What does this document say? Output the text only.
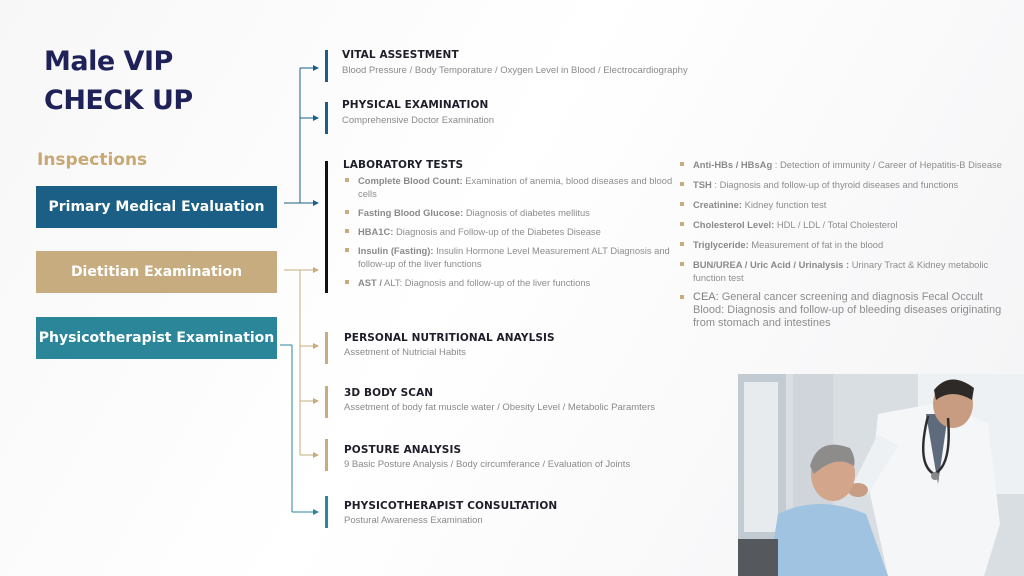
Male VIP
CHECK UP
Inspections
Primary Medical Evaluation
Dietitian Examination
Physicotherapist Examination
VITAL ASSESTMENT
Blood Pressure / Body Temporature / Oxygen Level in Blood / Electrocardiography
PHYSICAL EXAMINATION
Comprehensive Doctor Examination
LABORATORY TESTS
Complete Blood Count: Examination of anemia, blood diseases and blood cells
Fasting Blood Glucose: Diagnosis of diabetes mellitus
HBA1C: Diagnosis and Follow-up of the Diabetes Disease
Insulin (Fasting): Insulin Hormone Level Measurement ALT Diagnosis and follow-up of the liver functions
AST / ALT: Diagnosis and follow-up of the liver functions
Anti-HBs / HBsAg : Detection of immunity / Career of Hepatitis-B Disease
TSH : Diagnosis and follow-up of thyroid diseases and functions
Creatinine: Kidney function test
Cholesterol Level: HDL / LDL / Total Cholesterol
Triglyceride: Measurement of fat in the blood
BUN/UREA / Uric Acid / Urinalysis : Urinary Tract & Kidney metabolic function test
CEA: General cancer screening and diagnosis Fecal Occult Blood: Diagnosis and follow-up of bleeding diseases originating from stomach and intestines
PERSONAL NUTRITIONAL ANAYLSIS
Assetment of Nutricial Habits
3D BODY SCAN
Assetment of body fat muscle water / Obesity Level / Metabolic Paramters
POSTURE ANALYSIS
9 Basic Posture Analysis / Body circumferance / Evaluation of Joints
PHYSICOTHERAPIST CONSULTATION
Postural Awareness Examination
